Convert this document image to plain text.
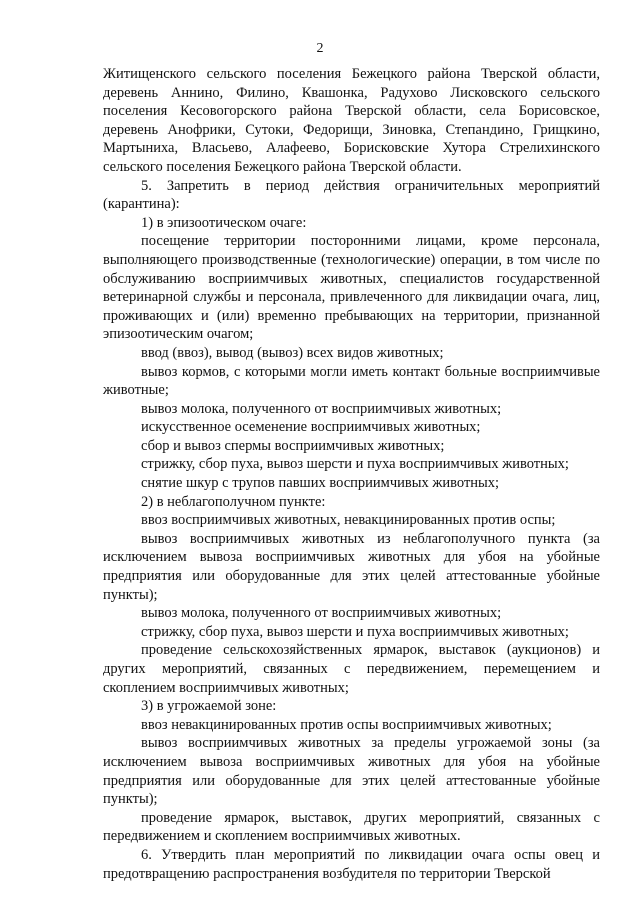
2

Житищенского сельского поселения Бежецкого района Тверской области, деревень Аннино, Филино, Квашонка, Радухово Лисковского сельского поселения Кесовогорского района Тверской области, села Борисовское, деревень Анофрики, Сутоки, Федорищи, Зиновка, Степандино, Грищкино, Мартыниха, Власьево, Алафеево, Борисковские Хутора Стрелихинского сельского поселения Бежецкого района Тверской области.

5. Запретить в период действия ограничительных мероприятий (карантина):

1) в эпизоотическом очаге:

посещение территории посторонними лицами, кроме персонала, выполняющего производственные (технологические) операции, в том числе по обслуживанию восприимчивых животных, специалистов государственной ветеринарной службы и персонала, привлеченного для ликвидации очага, лиц, проживающих и (или) временно пребывающих на территории, признанной эпизоотическим очагом;

ввод (ввоз), вывод (вывоз) всех видов животных;

вывоз кормов, с которыми могли иметь контакт больные восприимчивые животные;

вывоз молока, полученного от восприимчивых животных;

искусственное осеменение восприимчивых животных;

сбор и вывоз спермы восприимчивых животных;

стрижку, сбор пуха, вывоз шерсти и пуха восприимчивых животных;

снятие шкур с трупов павших восприимчивых животных;

2) в неблагополучном пункте:

ввоз восприимчивых животных, невакцинированных против оспы;

вывоз восприимчивых животных из неблагополучного пункта (за исключением вывоза восприимчивых животных для убоя на убойные предприятия или оборудованные для этих целей аттестованные убойные пункты);

вывоз молока, полученного от восприимчивых животных;

стрижку, сбор пуха, вывоз шерсти и пуха восприимчивых животных;

проведение сельскохозяйственных ярмарок, выставок (аукционов) и других мероприятий, связанных с передвижением, перемещением и скоплением восприимчивых животных;

3) в угрожаемой зоне:

ввоз невакцинированных против оспы восприимчивых животных;

вывоз восприимчивых животных за пределы угрожаемой зоны (за исключением вывоза восприимчивых животных для убоя на убойные предприятия или оборудованные для этих целей аттестованные убойные пункты);

проведение ярмарок, выставок, других мероприятий, связанных с передвижением и скоплением восприимчивых животных.

6. Утвердить план мероприятий по ликвидации очага оспы овец и предотвращению распространения возбудителя по территории Тверской
